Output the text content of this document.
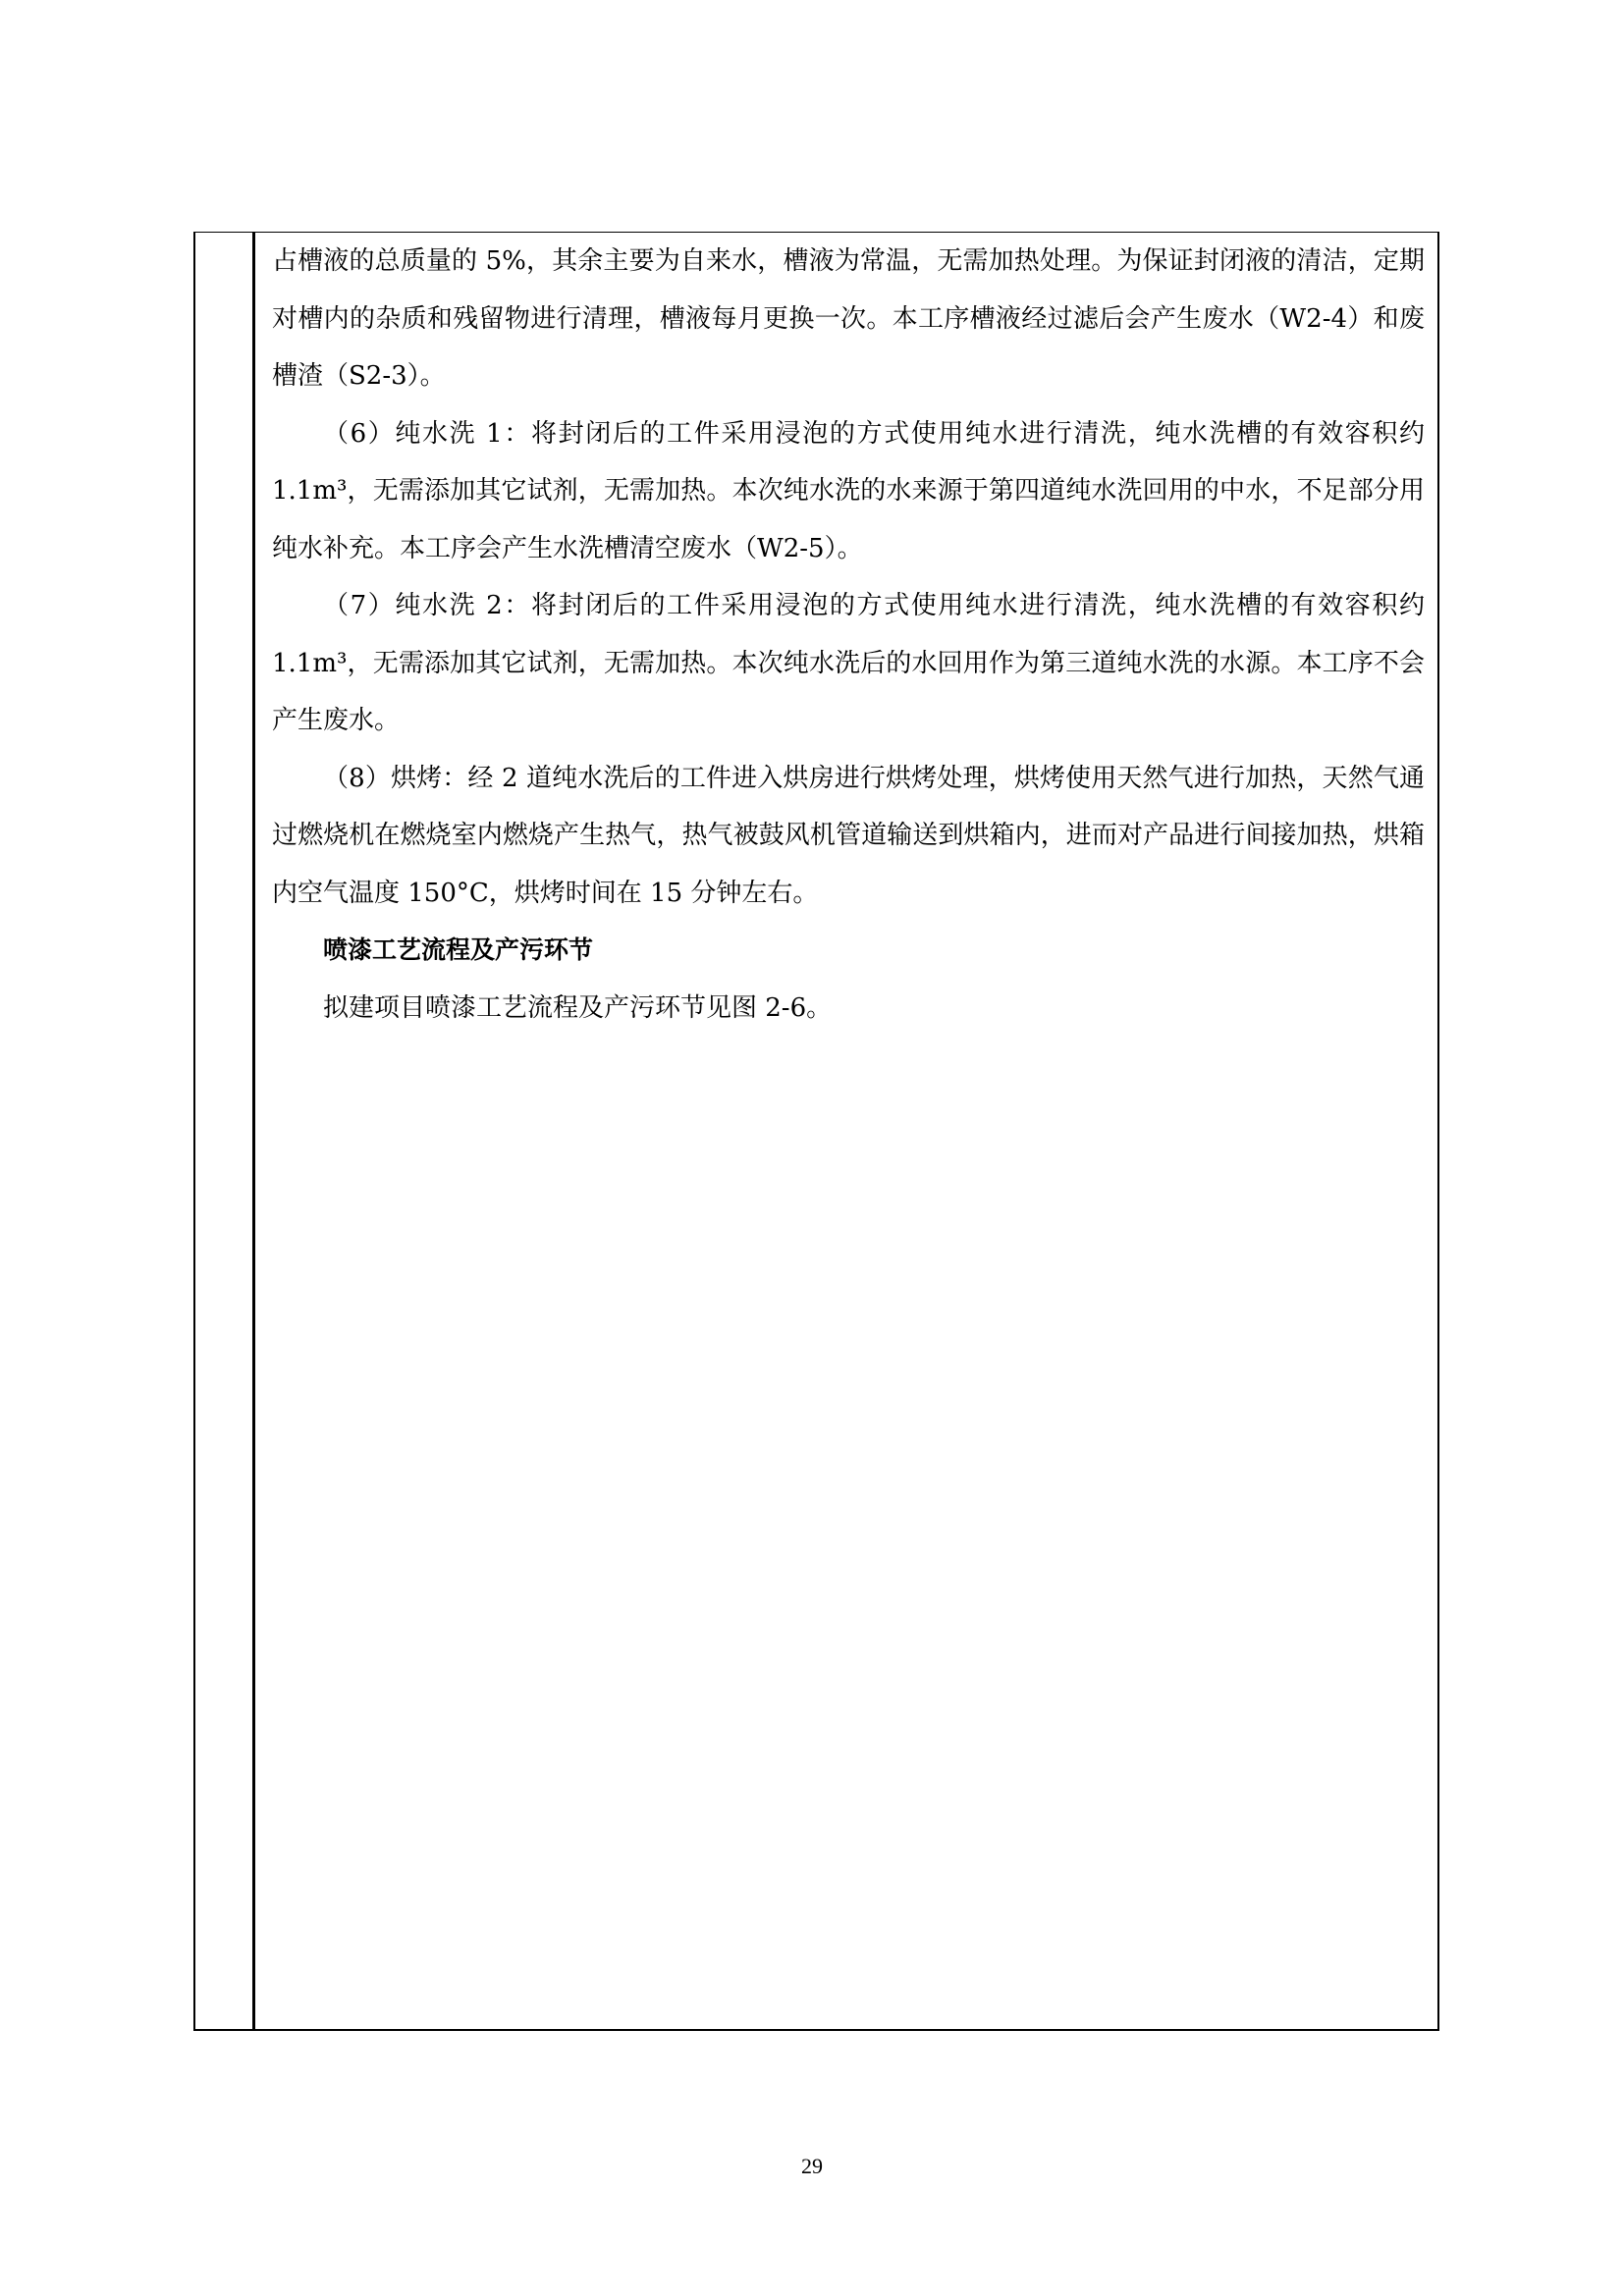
占槽液的总质量的 5%，其余主要为自来水，槽液为常温，无需加热处理。为保证封闭液的清洁，定期对槽内的杂质和残留物进行清理，槽液每月更换一次。本工序槽液经过滤后会产生废水（W2-4）和废槽渣（S2-3）。

（6）纯水洗 1：将封闭后的工件采用浸泡的方式使用纯水进行清洗，纯水洗槽的有效容积约 1.1m³，无需添加其它试剂，无需加热。本次纯水洗的水来源于第四道纯水洗回用的中水，不足部分用纯水补充。本工序会产生水洗槽清空废水（W2-5）。

（7）纯水洗 2：将封闭后的工件采用浸泡的方式使用纯水进行清洗，纯水洗槽的有效容积约 1.1m³，无需添加其它试剂，无需加热。本次纯水洗后的水回用作为第三道纯水洗的水源。本工序不会产生废水。

（8）烘烤：经 2 道纯水洗后的工件进入烘房进行烘烤处理，烘烤使用天然气进行加热，天然气通过燃烧机在燃烧室内燃烧产生热气，热气被鼓风机管道输送到烘箱内，进而对产品进行间接加热，烘箱内空气温度 150°C，烘烤时间在 15 分钟左右。

喷漆工艺流程及产污环节

拟建项目喷漆工艺流程及产污环节见图 2-6。

29
